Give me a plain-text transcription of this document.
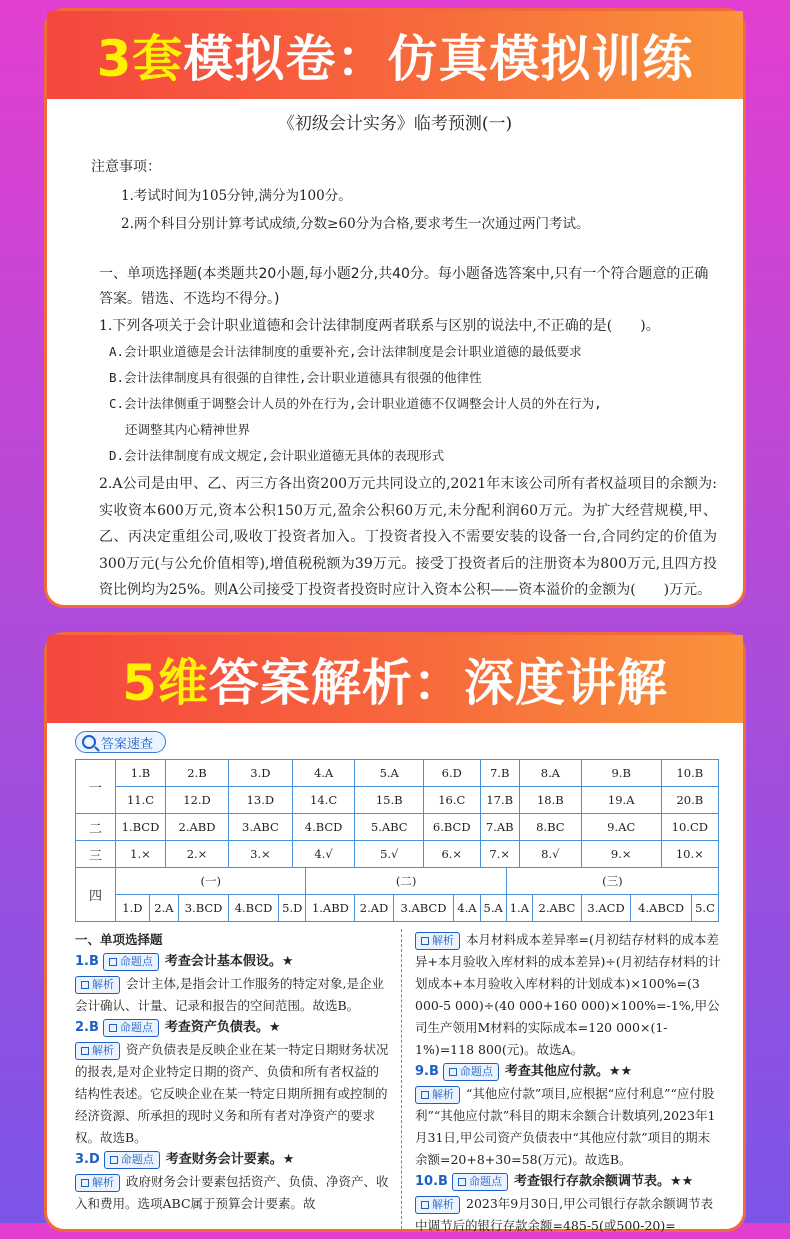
3套 模拟卷：仿真模拟训练
《初级会计实务》临考预测(一)
注意事项：
1.考试时间为105分钟,满分为100分。
2.两个科目分别计算考试成绩,分数≥60分为合格,要求考生一次通过两门考试。
一、单项选择题(本类题共20小题,每小题2分,共40分。每小题备选答案中,只有一个符合题意的正确答案。错选、不选均不得分。)
1.下列各项关于会计职业道德和会计法律制度两者联系与区别的说法中,不正确的是(　　)。
A.会计职业道德是会计法律制度的重要补充,会计法律制度是会计职业道德的最低要求
B.会计法律制度具有很强的自律性,会计职业道德具有很强的他律性
C.会计法律侧重于调整会计人员的外在行为,会计职业道德不仅调整会计人员的外在行为,
还调整其内心精神世界
D.会计法律制度有成文规定,会计职业道德无具体的表现形式
2.A公司是由甲、乙、丙三方各出资200万元共同设立的,2021年末该公司所有者权益项目的余额为:实收资本600万元,资本公积150万元,盈余公积60万元,未分配利润60万元。为扩大经营规模,甲、乙、丙决定重组公司,吸收丁投资者加入。丁投资者投入不需要安装的设备一台,合同约定的价值为300万元(与公允价值相等),增值税税额为39万元。接受丁投资者后的注册资本为800万元,且四方投资比例均为25%。则A公司接受丁投资者投资时应计入资本公积——资本溢价的金额为(　　)万元。
5维 答案解析：深度讲解
答案速查
一	1.B		2.B		3.D		4.A		5.A		6.D		7.B		8.A		9.B		10.B	
	11.C		12.D		13.D		14.C		15.B		16.C		17.B		18.B		19.A		20.B	
二	1.BCD		2.ABD		3.ABC		4.BCD		5.ABC		6.BCD		7.AB		8.BC		9.AC		10.CD	
三	1.×		2.×		3.×		4.√		5.√		6.×		7.×		8.√		9.×		10.×	
四	(一)							(二)						(三)						
	1.D	2.A		3.BCD	4.BCD	5.D		1.ABD	2.AD	3.ABCD		4.A	5.A	1.A		2.ABC	3.ACD	4.ABCD		5.C
一、单项选择题
1.B 命题点 考查会计基本假设。★
解析 会计主体,是指会计工作服务的特定对象,是企业会计确认、计量、记录和报告的空间范围。故选B。
2.B 命题点 考查资产负债表。★
解析 资产负债表是反映企业在某一特定日期财务状况的报表,是对企业特定日期的资产、负债和所有者权益的结构性表述。它反映企业在某一特定日期所拥有或控制的经济资源、所承担的现时义务和所有者对净资产的要求权。故选B。
3.D 命题点 考查财务会计要素。★
解析 政府财务会计要素包括资产、负债、净资产、收入和费用。选项ABC属于预算会计要素。故
解析 本月材料成本差异率=(月初结存材料的成本差异+本月验收入库材料的成本差异)÷(月初结存材料的计划成本+本月验收入库材料的计划成本)×100%=(3 000-5 000)÷(40 000+160 000)×100%=-1%,甲公司生产领用M材料的实际成本=120 000×(1-1%)=118 800(元)。故选A。
9.B 命题点 考查其他应付款。★★
解析 “其他应付款”项目,应根据“应付利息”“应付股利”“其他应付款”科目的期末余额合计数填列,2023年1月31日,甲公司资产负债表中“其他应付款”项目的期末余额=20+8+30=58(万元)。故选B。
10.B 命题点 考查银行存款余额调节表。★★
解析 2023年9月30日,甲公司银行存款余额调节表中调节后的银行存款余额=485-5(或500-20)=
